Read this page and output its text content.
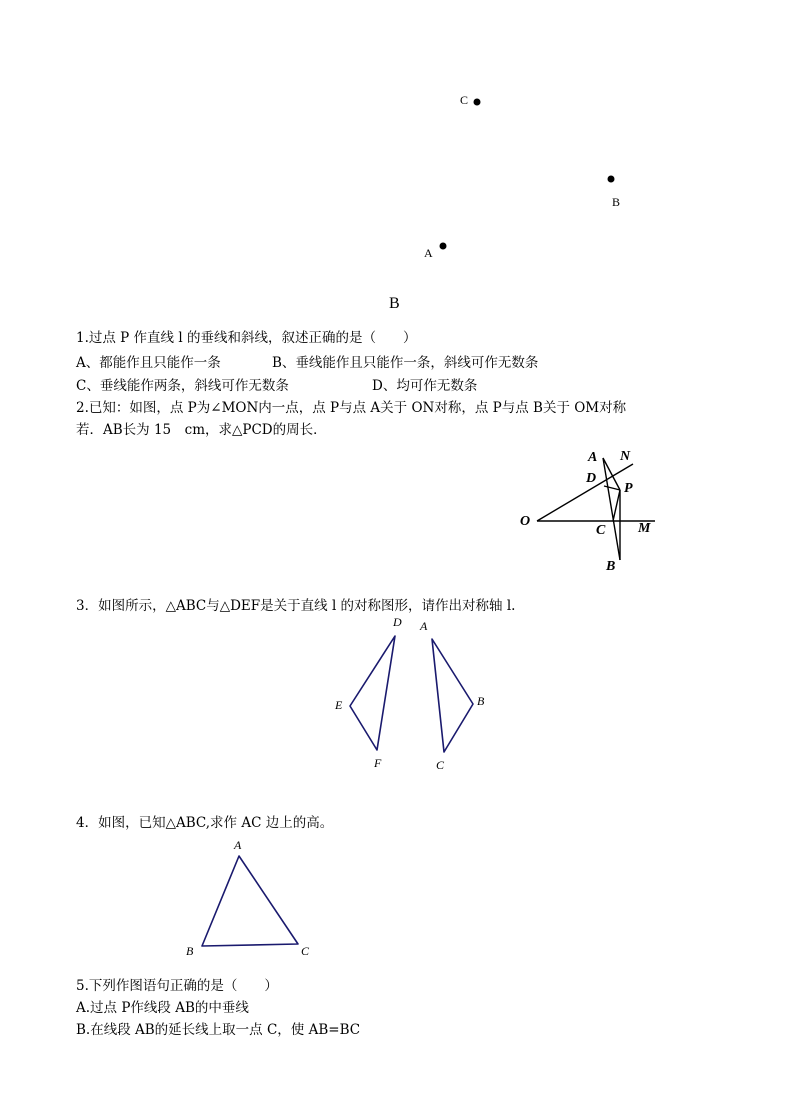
C
B
A
B
1.过点 P 作直线 l 的垂线和斜线，叙述正确的是（　　）
A、都能作且只能作一条	B、垂线能作且只能作一条，斜线可作无数条
C、垂线能作两条，斜线可作无数条	D、均可作无数条
2.已知：如图，点 P为∠MON内一点，点 P与点 A关于 ON对称，点 P与点 B关于 OM对称
若．AB长为 15　cm，求△PCD的周长．
A N
D
P
O
C M
B
3．如图所示，△ABC与△DEF是关于直线 l 的对称图形，请作出对称轴 l.
D
E
F
A
B
C
4．如图，已知△ABC,求作 AC 边上的高。
A
B	C
5.下列作图语句正确的是（　　）
A.过点 P作线段 AB的中垂线
B.在线段 AB的延长线上取一点 C，使 AB=BC
